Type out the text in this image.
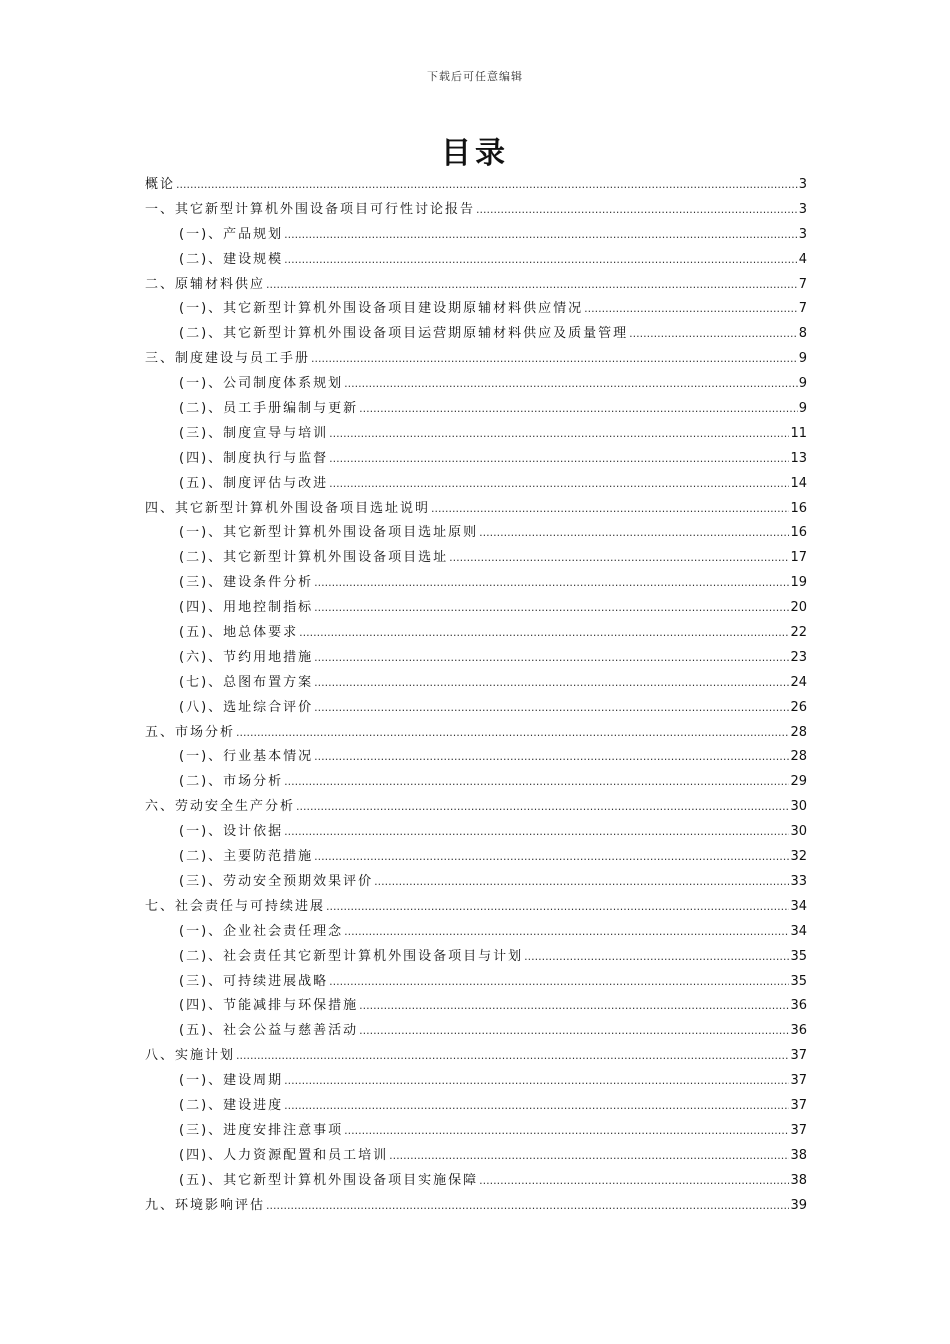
下载后可任意编辑
目录
概论 .....	3
一、其它新型计算机外围设备项目可行性讨论报告 .....	3
(一)、产品规划 .....	3
(二)、建设规模 .....	4
二、原辅材料供应 .....	7
(一)、其它新型计算机外围设备项目建设期原辅材料供应情况 .....	7
(二)、其它新型计算机外围设备项目运营期原辅材料供应及质量管理 .....	8
三、制度建设与员工手册 .....	9
(一)、公司制度体系规划 .....	9
(二)、员工手册编制与更新 .....	9
(三)、制度宣导与培训 .....	11
(四)、制度执行与监督 .....	13
(五)、制度评估与改进 .....	14
四、其它新型计算机外围设备项目选址说明 .....	16
(一)、其它新型计算机外围设备项目选址原则 .....	16
(二)、其它新型计算机外围设备项目选址 .....	17
(三)、建设条件分析 .....	19
(四)、用地控制指标 .....	20
(五)、地总体要求 .....	22
(六)、节约用地措施 .....	23
(七)、总图布置方案 .....	24
(八)、选址综合评价 .....	26
五、市场分析 .....	28
(一)、行业基本情况 .....	28
(二)、市场分析 .....	29
六、劳动安全生产分析 .....	30
(一)、设计依据 .....	30
(二)、主要防范措施 .....	32
(三)、劳动安全预期效果评价 .....	33
七、社会责任与可持续进展 .....	34
(一)、企业社会责任理念 .....	34
(二)、社会责任其它新型计算机外围设备项目与计划 .....	35
(三)、可持续进展战略 .....	35
(四)、节能减排与环保措施 .....	36
(五)、社会公益与慈善活动 .....	36
八、实施计划 .....	37
(一)、建设周期 .....	37
(二)、建设进度 .....	37
(三)、进度安排注意事项 .....	37
(四)、人力资源配置和员工培训 .....	38
(五)、其它新型计算机外围设备项目实施保障 .....	38
九、环境影响评估 .....	39
